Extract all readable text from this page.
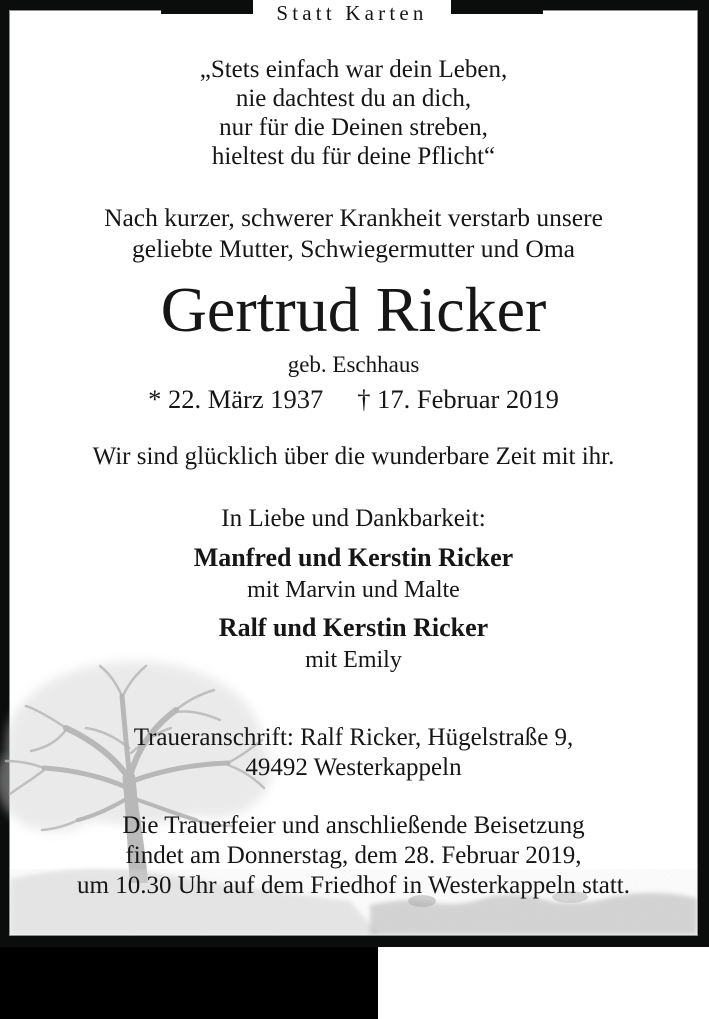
Statt Karten
„Stets einfach war dein Leben,
nie dachtest du an dich,
nur für die Deinen streben,
hieltest du für deine Pflicht“
Nach kurzer, schwerer Krankheit verstarb unsere
geliebte Mutter, Schwiegermutter und Oma
Gertrud Ricker
geb. Eschhaus
* 22. März 1937 † 17. Februar 2019
Wir sind glücklich über die wunderbare Zeit mit ihr.
In Liebe und Dankbarkeit:
Manfred und Kerstin Ricker
mit Marvin und Malte
Ralf und Kerstin Ricker
mit Emily
Traueranschrift: Ralf Ricker, Hügelstraße 9,
49492 Westerkappeln
Die Trauerfeier und anschließende Beisetzung
findet am Donnerstag, dem 28. Februar 2019,
um 10.30 Uhr auf dem Friedhof in Westerkappeln statt.
